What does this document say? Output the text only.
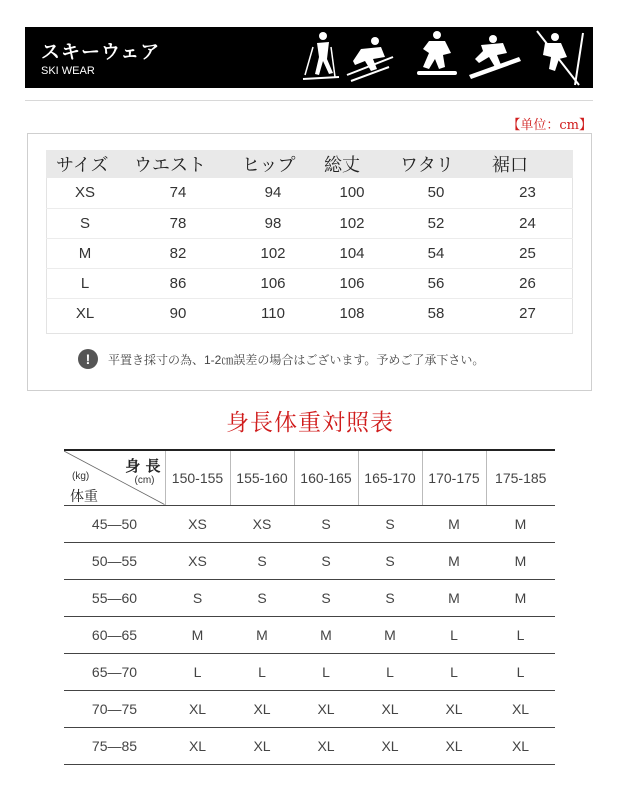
スキーウェア
SKI WEAR
【单位：cm】
サイズ	ウエスト	ヒップ	総丈	ワタリ	裾口
XS	74	94	100	50	23
S	78	98	102	52	24
M	82	102	104	54	25
L	86	106	106	56	26
XL	90	110	108	58	27
!	平置き採寸の為、1-2㎝誤差の場合はございます。予めご了承下さい。
身長体重対照表
身 長
(cm)
(kg)
体重	150-155	155-160	160-165	165-170	170-175	175-185
45—50	XS	XS	S	S	M	M
50—55	XS	S	S	S	M	M
55—60	S	S	S	S	M	M
60—65	M	M	M	M	L	L
65—70	L	L	L	L	L	L
70—75	XL	XL	XL	XL	XL	XL
75—85	XL	XL	XL	XL	XL	XL
